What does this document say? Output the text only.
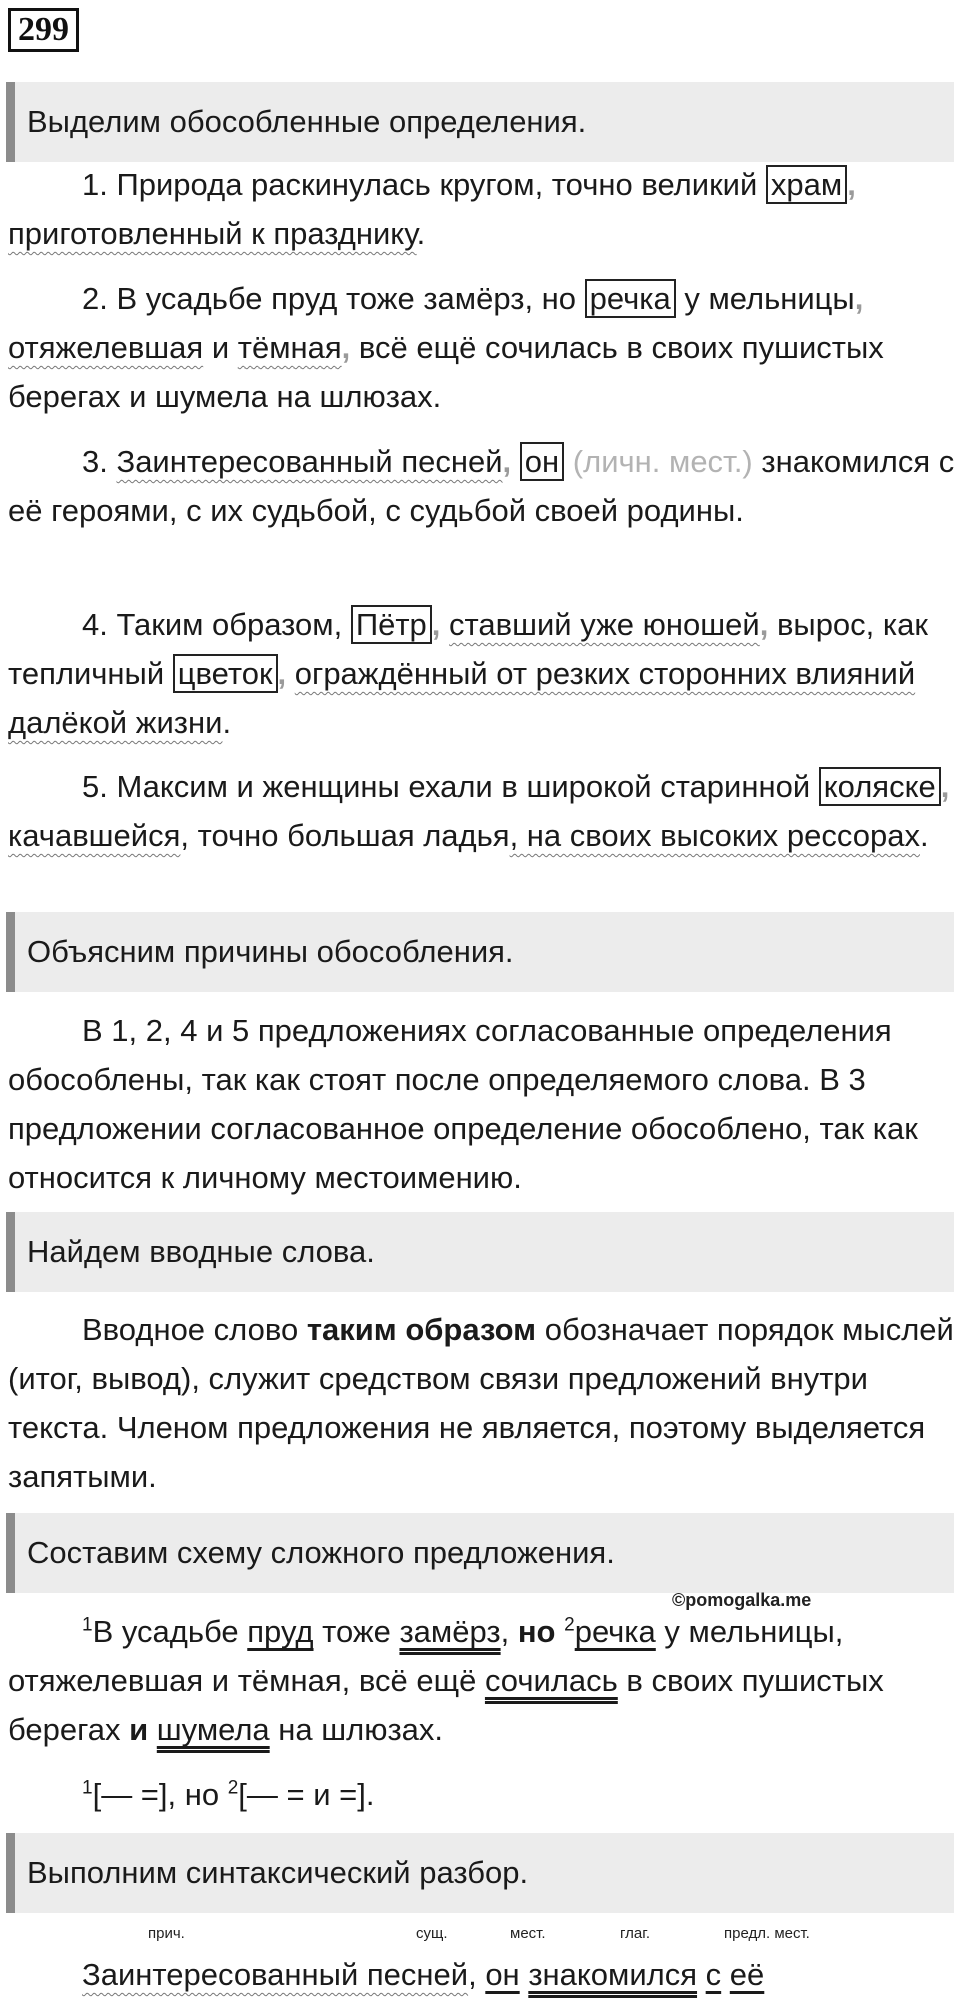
299
Выделим обособленные определения.
1. Природа раскинулась кругом, точно великий храм , приготовленный к празднику.
2. В усадьбе пруд тоже замёрз, но речка у мельницы, отяжелевшая и тёмная, всё ещё сочилась в своих пушистых берегах и шумела на шлюзах.
3. Заинтересованный песней, он (личн. мест.) знакомился с её героями, с их судьбой, с судьбой своей родины.
4. Таким образом, Пётр , ставший уже юношей, вырос, как тепличный цветок , ограждённый от резких сторонних влияний далёкой жизни.
5. Максим и женщины ехали в широкой старинной коляске , качавшейся, точно большая ладья, на своих высоких рессорах.
Объясним причины обособления.
В 1, 2, 4 и 5 предложениях согласованные определения обособлены, так как стоят после определяемого слова. В 3 предложении согласованное определение обособлено, так как относится к личному местоимению.
Найдем вводные слова.
Вводное слово таким образом обозначает порядок мыслей (итог, вывод), служит средством связи предложений внутри текста. Членом предложения не является, поэтому выделяется запятыми.
Составим схему сложного предложения.
©pomogalka.me
$^1$В усадьбе пруд тоже замёрз, но $^2$речка у мельницы, отяжелевшая и тёмная, всё ещё сочилась в своих пушистых берегах и шумела на шлюзах.
$^1$[— =], но $^2$[— = и =].
Выполним синтаксический разбор.
прич.	сущ.	мест.	глаг.	предл. мест.
Заинтересованный песней, он знакомился с её
